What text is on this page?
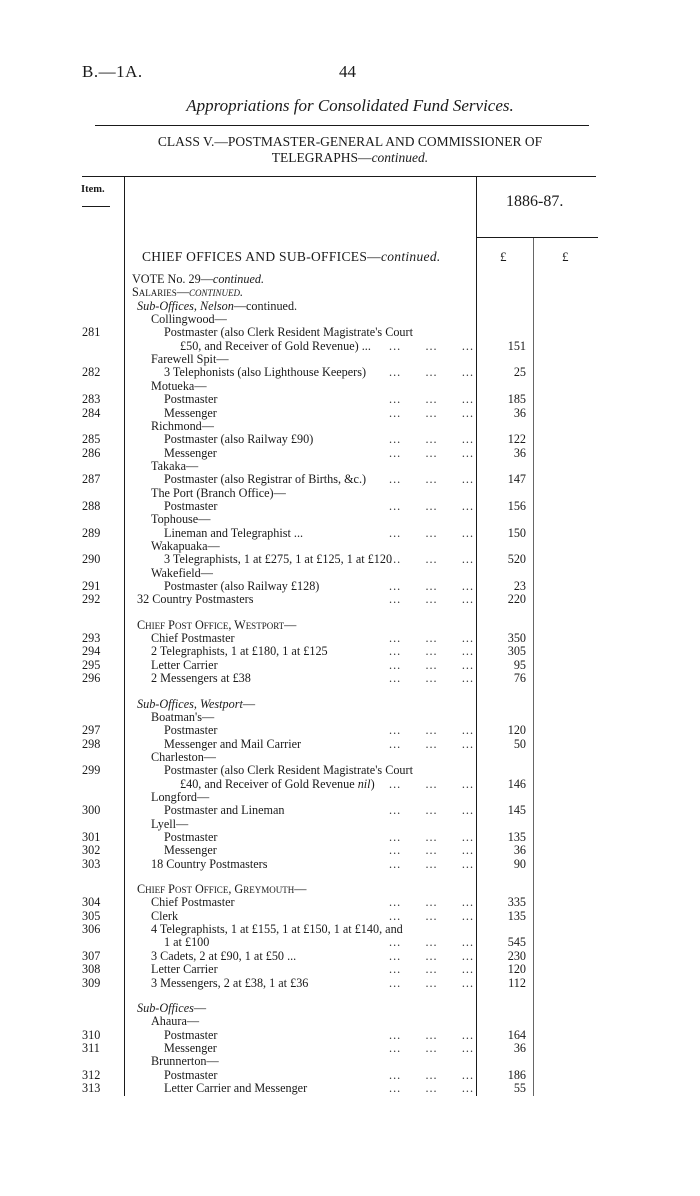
B.—1A.	44
Appropriations for Consolidated Fund Services.
CLASS V.—POSTMASTER-GENERAL AND COMMISSIONER OF
TELEGRAPHS—continued.
Item.
1886-87.
CHIEF OFFICES AND SUB-OFFICES—continued.	£	£
VOTE No. 29—continued.
Salaries—continued.
Sub-Offices, Nelson—continued.
Collingwood—
281	Postmaster (also Clerk Resident Magistrate's Court
£50, and Receiver of Gold Revenue) ... ...      ...      ...	151
Farewell Spit—
282	3 Telephonists (also Lighthouse Keepers) ...      ...      ...	25
Motueka—
283	Postmaster	...      ...      ...	185
284	Messenger	...      ...      ...	36
Richmond—
285	Postmaster (also Railway £90)	...      ...      ...	122
286	Messenger	...      ...      ...	36
Takaka—
287	Postmaster (also Registrar of Births, &c.) ...      ...      ...	147
The Port (Branch Office)—
288	Postmaster	...      ...      ...	156
Tophouse—
289	Lineman and Telegraphist ...	...      ...      ...	150
Wakapuaka—
290	3 Telegraphists, 1 at £275, 1 at £125, 1 at £120
...      ...      ...	520
Wakefield—
291	Postmaster (also Railway £128)	...      ...      ...	23
292	32 Country Postmasters	...      ...      ...	220
Chief Post Office, Westport—
293	Chief Postmaster	...      ...      ...	350
294	2 Telegraphists, 1 at £180, 1 at £125	...      ...      ...	305
295	Letter Carrier	...      ...      ...	95
296	2 Messengers at £38	...      ...      ...	76
Sub-Offices, Westport—
Boatman's—
297	Postmaster	...      ...      ...	120
298	Messenger and Mail Carrier	...      ...      ...	50
Charleston—
299	Postmaster (also Clerk Resident Magistrate's Court
£40, and Receiver of Gold Revenue nil) ...      ...      ...	146
Longford—
300	Postmaster and Lineman	...      ...      ...	145
Lyell—
301	Postmaster	...      ...      ...	135
302	Messenger	...      ...      ...	36
303	18 Country Postmasters	...      ...      ...	90
Chief Post Office, Greymouth—
304	Chief Postmaster	...      ...      ...	335
305	Clerk	...      ...      ...	135
306	4 Telegraphists, 1 at £155, 1 at £150, 1 at £140, and
1 at £100	...      ...      ...	545
307	3 Cadets, 2 at £90, 1 at £50 ...	...      ...      ...	230
308	Letter Carrier	...      ...      ...	120
309	3 Messengers, 2 at £38, 1 at £36	...      ...      ...	112
Sub-Offices—
Ahaura—
310	Postmaster	...      ...      ...	164
311	Messenger	...      ...      ...	36
Brunnerton—
312	Postmaster	...      ...      ...	186
313	Letter Carrier and Messenger	...      ...      ...	55
